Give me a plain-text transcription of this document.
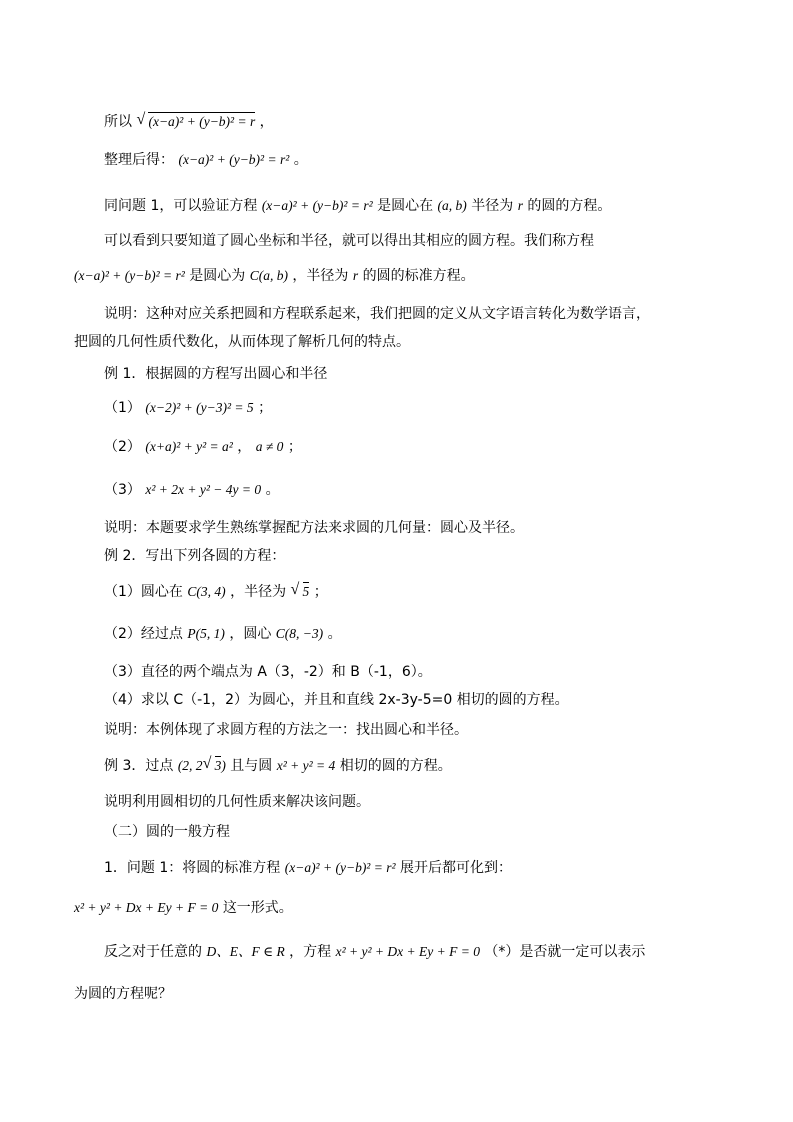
所以 √ (x−a)² + (y−b)² = r ，
整理后得： (x−a)² + (y−b)² = r² 。
同问题 1，可以验证方程 (x−a)² + (y−b)² = r² 是圆心在 (a, b) 半径为 r 的圆的方程。
可以看到只要知道了圆心坐标和半径，就可以得出其相应的圆方程。我们称方程
(x−a)² + (y−b)² = r² 是圆心为 C(a, b) ，半径为 r 的圆的标准方程。
说明：这种对应关系把圆和方程联系起来，我们把圆的定义从文字语言转化为数学语言，
把圆的几何性质代数化，从而体现了解析几何的特点。
例 1．根据圆的方程写出圆心和半径
（1） (x−2)² + (y−3)² = 5 ；
（2） (x+a)² + y² = a² ， a ≠ 0 ；
（3） x² + 2x + y² − 4y = 0 。
说明：本题要求学生熟练掌握配方法来求圆的几何量：圆心及半径。
例 2．写出下列各圆的方程：
（1）圆心在 C(3, 4) ，半径为 √ 5 ；
（2）经过点 P(5, 1) ，圆心 C(8, −3) 。
（3）直径的两个端点为 A（3，-2）和 B（-1，6）。
（4）求以 C（-1，2）为圆心，并且和直线 2x-3y-5=0 相切的圆的方程。
说明：本例体现了求圆方程的方法之一：找出圆心和半径。
例 3．过点 (2, 2 √ 3) 且与圆 x² + y² = 4 相切的圆的方程。
说明利用圆相切的几何性质来解决该问题。
（二）圆的一般方程
1．问题 1：将圆的标准方程 (x−a)² + (y−b)² = r² 展开后都可化到：
x² + y² + Dx + Ey + F = 0 这一形式。
反之对于任意的 D、E、F ∈ R ，方程 x² + y² + Dx + Ey + F = 0 （*）是否就一定可以表示
为圆的方程呢？
